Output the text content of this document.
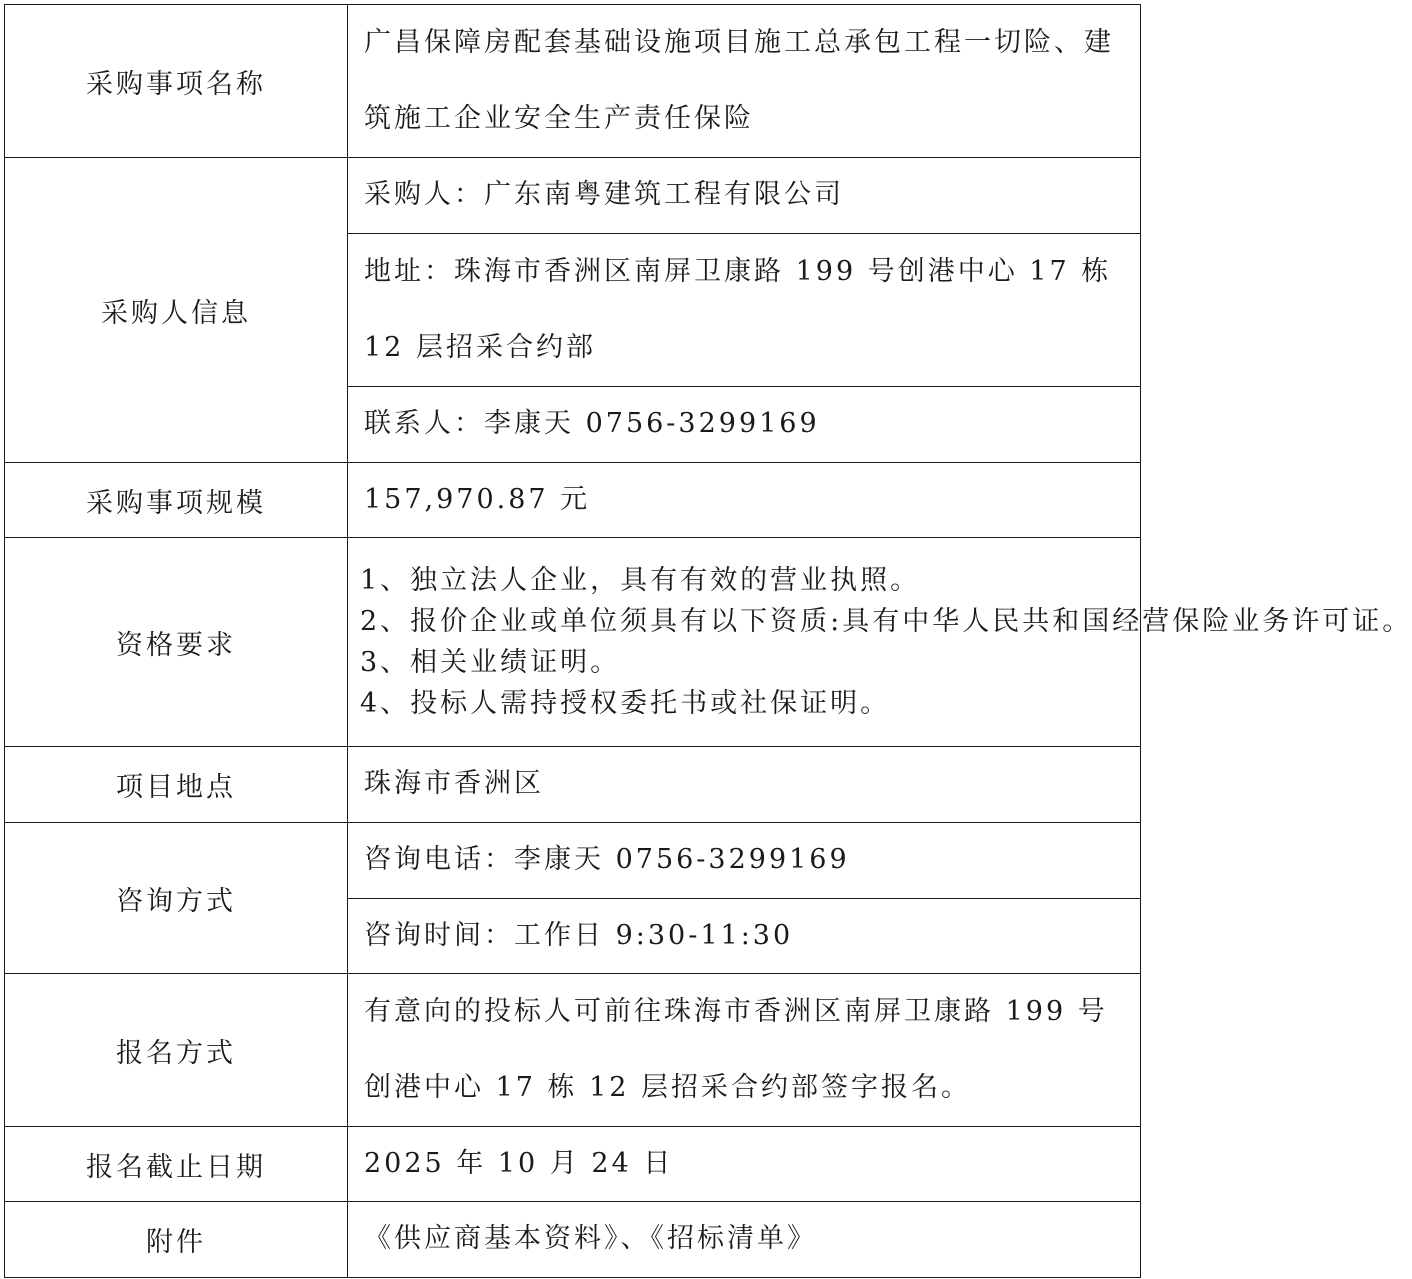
采购事项名称	广昌保障房配套基础设施项目施工总承包工程一切险、建筑施工企业安全生产责任保险
采购人信息	采购人：广东南粤建筑工程有限公司
	地址：珠海市香洲区南屏卫康路 199 号创港中心 17 栋 12 层招采合约部
	联系人：李康天 0756-3299169
采购事项规模	157,970.87 元
资格要求	1、独立法人企业，具有有效的营业执照。
2、报价企业或单位须具有以下资质:具有中华人民共和国经营保险业务许可证。
3、相关业绩证明。
4、投标人需持授权委托书或社保证明。

项目地点	珠海市香洲区
咨询方式	咨询电话：李康天 0756-3299169
	咨询时间：工作日 9:30-11:30
报名方式	有意向的投标人可前往珠海市香洲区南屏卫康路 199 号创港中心 17 栋 12 层招采合约部签字报名。
报名截止日期	2025 年 10 月 24 日
附件	《供应商基本资料》、《招标清单》
